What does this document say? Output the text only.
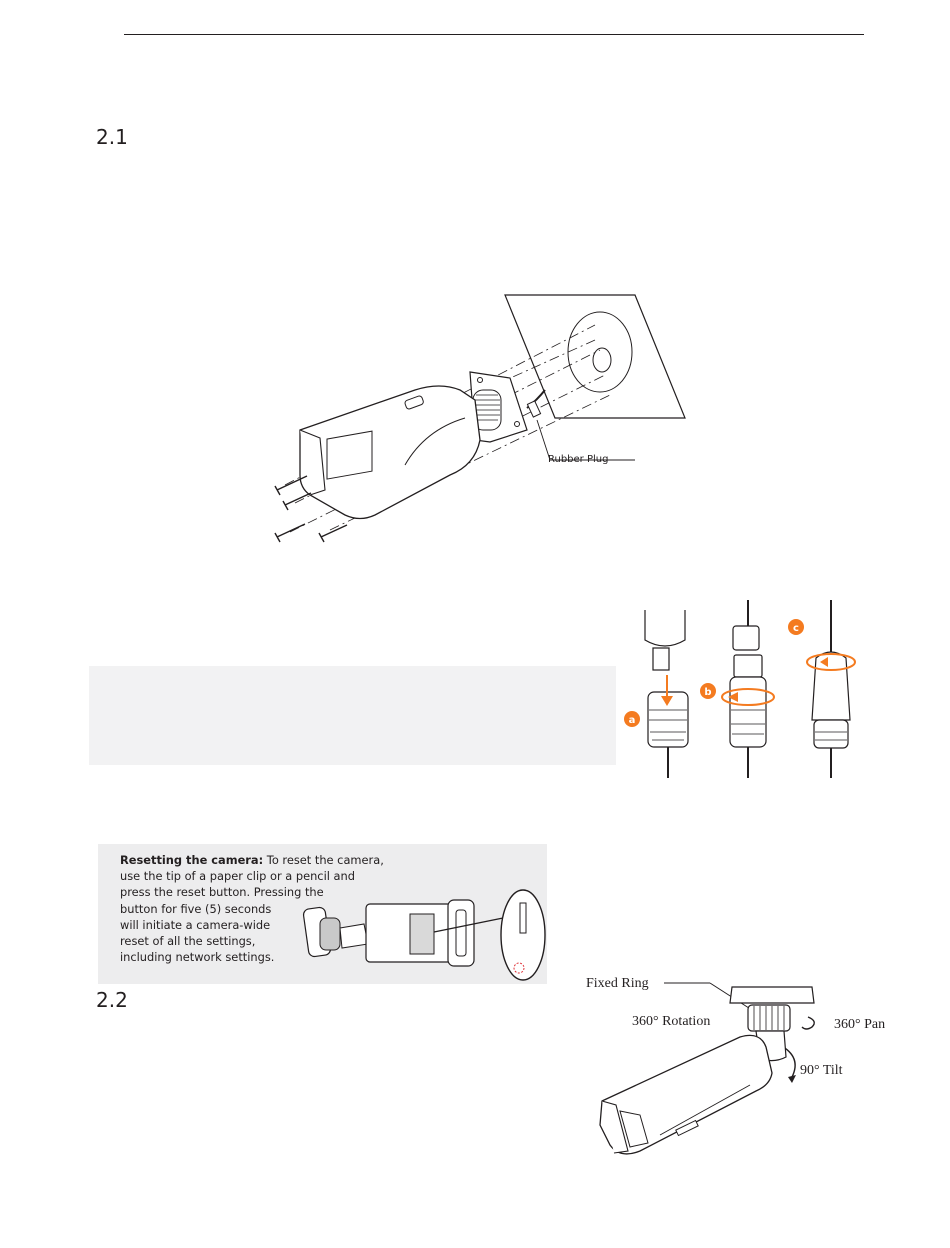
2.1
Rubber Plug
a
b
c
Resetting the camera: To reset the camera,
use the tip of a paper clip or a pencil and
press the reset button. Pressing the
button for five (5) seconds
will initiate a camera-wide
reset of all the settings,
including network settings.
2.2
Fixed Ring
360° Rotation	360° Pan
90° Tilt
